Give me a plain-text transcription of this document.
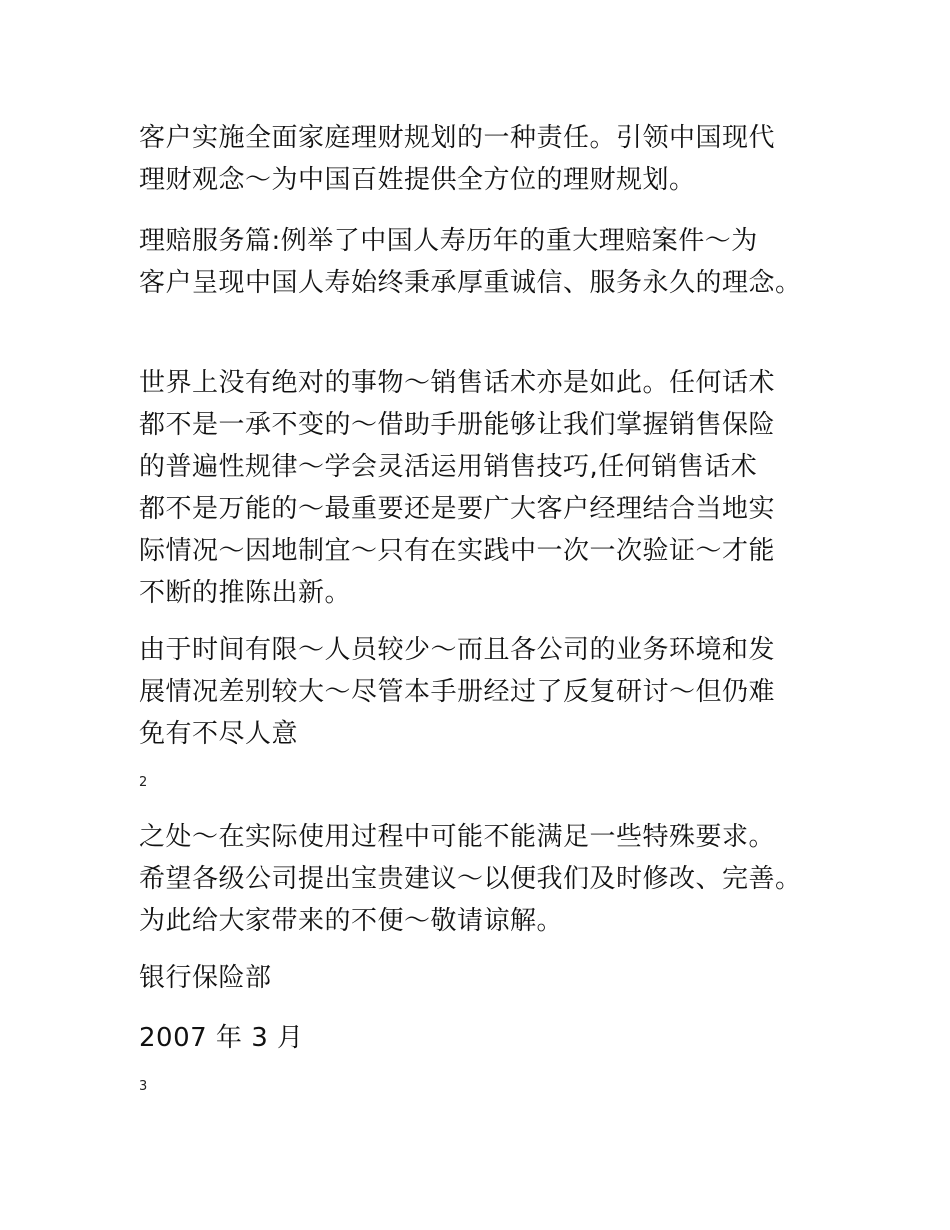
客户实施全面家庭理财规划的一种责任。引领中国现代
理财观念～为中国百姓提供全方位的理财规划。
理赔服务篇:例举了中国人寿历年的重大理赔案件～为
客户呈现中国人寿始终秉承厚重诚信、服务永久的理念。
世界上没有绝对的事物～销售话术亦是如此。任何话术
都不是一承不变的～借助手册能够让我们掌握销售保险
的普遍性规律～学会灵活运用销售技巧,任何销售话术
都不是万能的～最重要还是要广大客户经理结合当地实
际情况～因地制宜～只有在实践中一次一次验证～才能
不断的推陈出新。
由于时间有限～人员较少～而且各公司的业务环境和发
展情况差别较大～尽管本手册经过了反复研讨～但仍难
免有不尽人意
2
之处～在实际使用过程中可能不能满足一些特殊要求。
希望各级公司提出宝贵建议～以便我们及时修改、完善。
为此给大家带来的不便～敬请谅解。
银行保险部
2007 年 3 月
3
